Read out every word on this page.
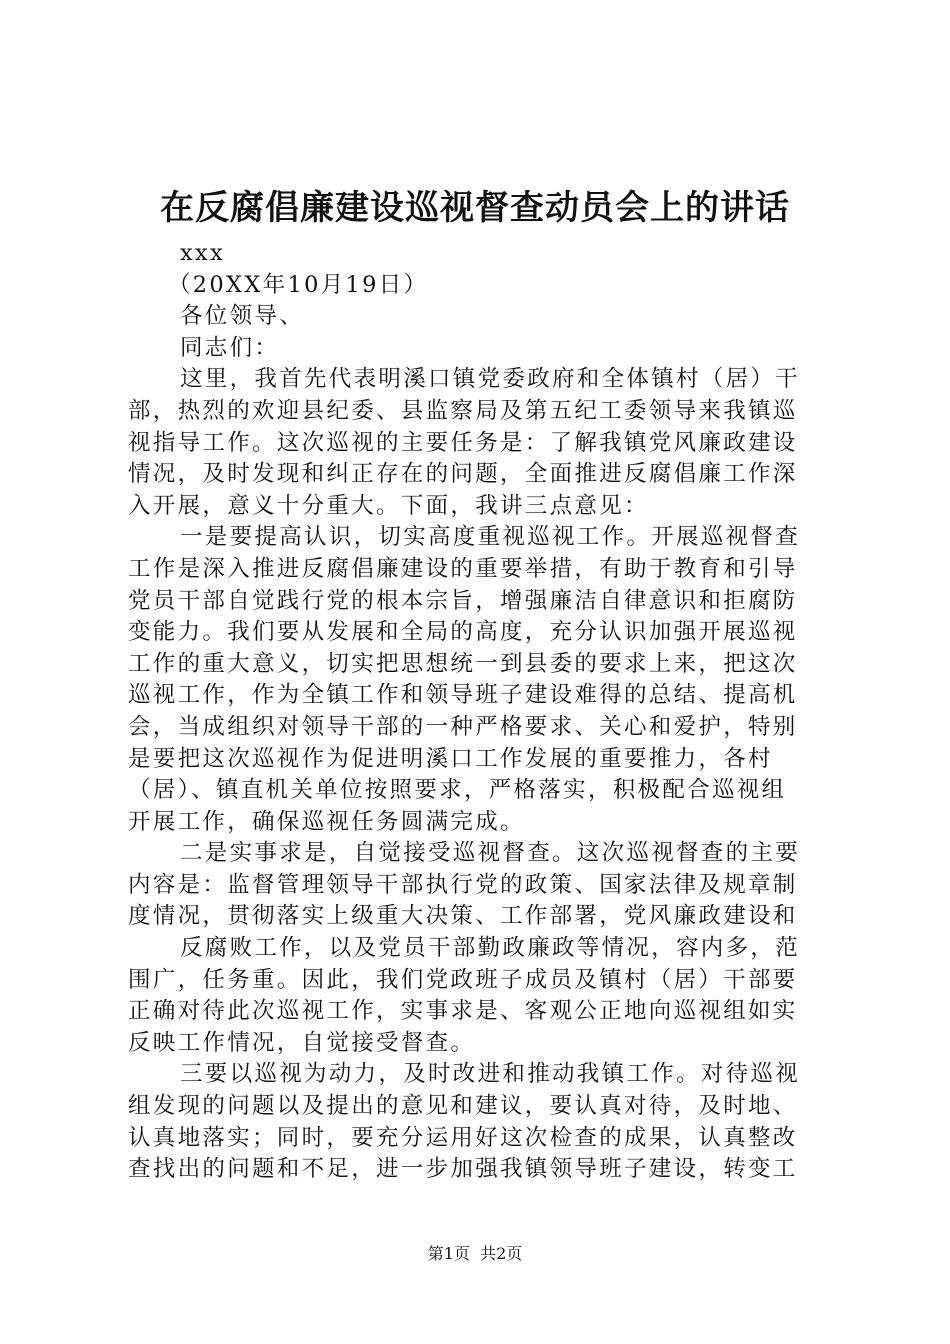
在反腐倡廉建设巡视督查动员会上的讲话
xxx
（20XX年10月19日）
各位领导、
同志们：
这里，我首先代表明溪口镇党委政府和全体镇村（居）干
部，热烈的欢迎县纪委、县监察局及第五纪工委领导来我镇巡
视指导工作。这次巡视的主要任务是：了解我镇党风廉政建设
情况，及时发现和纠正存在的问题，全面推进反腐倡廉工作深
入开展，意义十分重大。下面，我讲三点意见：
一是要提高认识，切实高度重视巡视工作。开展巡视督查
工作是深入推进反腐倡廉建设的重要举措，有助于教育和引导
党员干部自觉践行党的根本宗旨，增强廉洁自律意识和拒腐防
变能力。我们要从发展和全局的高度，充分认识加强开展巡视
工作的重大意义，切实把思想统一到县委的要求上来，把这次
巡视工作，作为全镇工作和领导班子建设难得的总结、提高机
会，当成组织对领导干部的一种严格要求、关心和爱护，特别
是要把这次巡视作为促进明溪口工作发展的重要推力，各村
（居）、镇直机关单位按照要求，严格落实，积极配合巡视组
开展工作，确保巡视任务圆满完成。
二是实事求是，自觉接受巡视督查。这次巡视督查的主要
内容是：监督管理领导干部执行党的政策、国家法律及规章制
度情况，贯彻落实上级重大决策、工作部署，党风廉政建设和
反腐败工作，以及党员干部勤政廉政等情况，容内多，范
围广，任务重。因此，我们党政班子成员及镇村（居）干部要
正确对待此次巡视工作，实事求是、客观公正地向巡视组如实
反映工作情况，自觉接受督查。
三要以巡视为动力，及时改进和推动我镇工作。对待巡视
组发现的问题以及提出的意见和建议，要认真对待，及时地、
认真地落实；同时，要充分运用好这次检查的成果，认真整改
查找出的问题和不足，进一步加强我镇领导班子建设，转变工
第1页  共2页
